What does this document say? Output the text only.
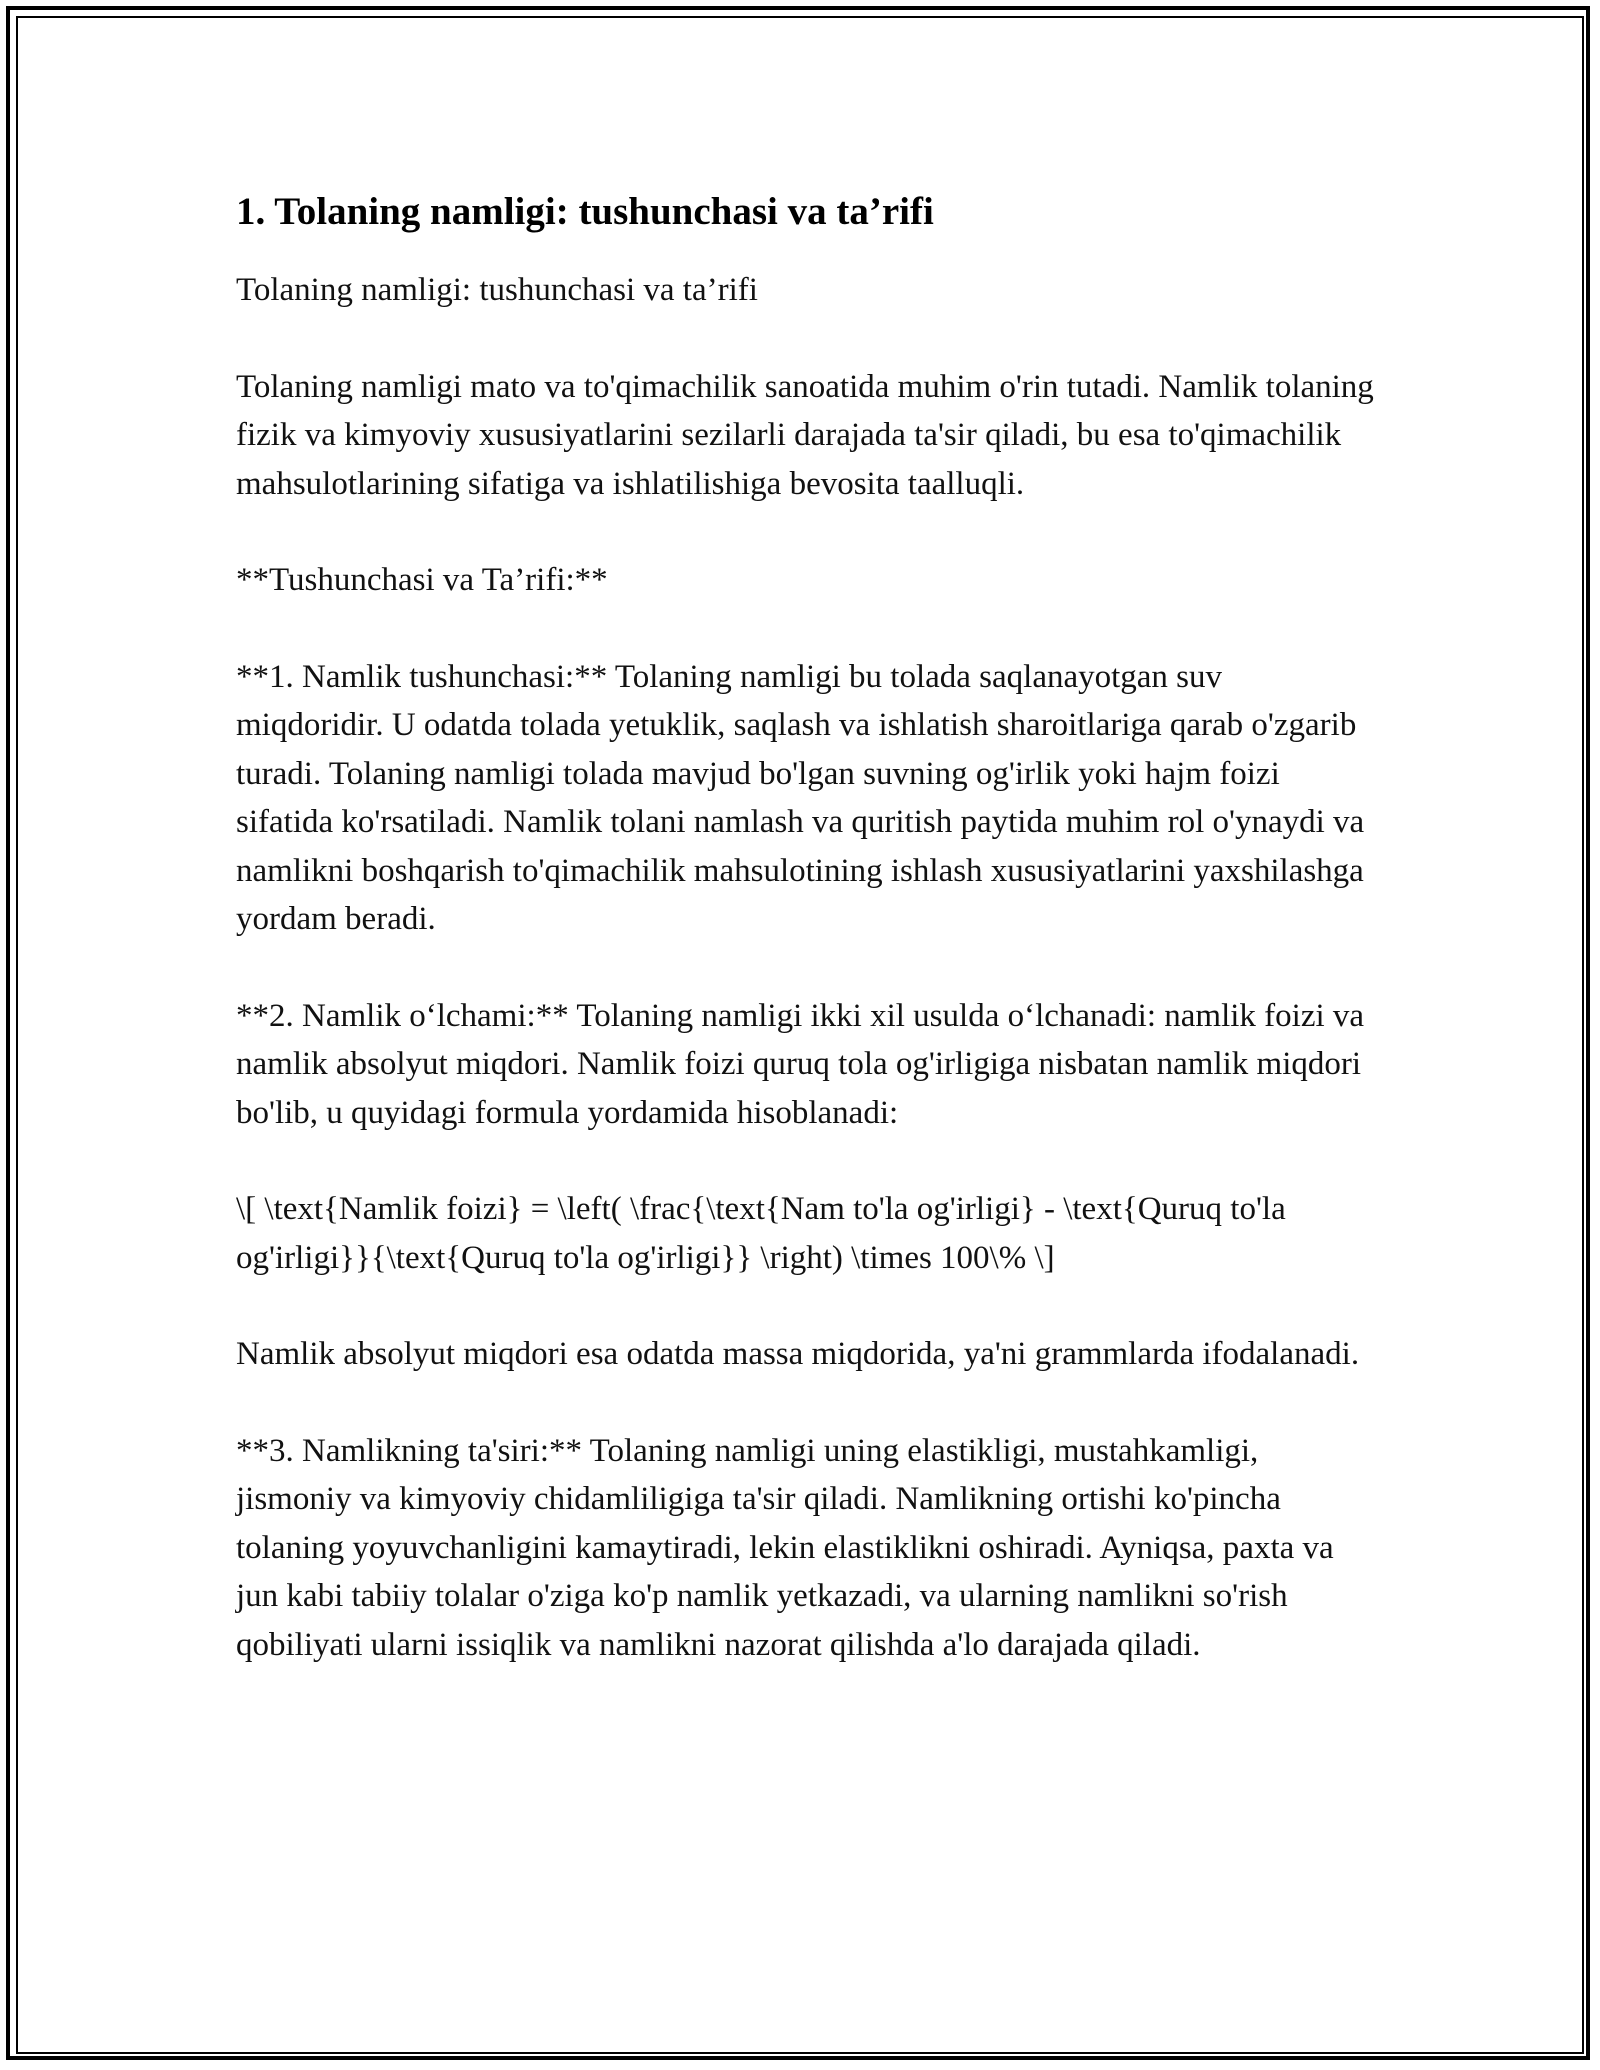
1. Tolaning namligi: tushunchasi va ta’rifi

Tolaning namligi: tushunchasi va ta’rifi

Tolaning namligi mato va to'qimachilik sanoatida muhim o'rin tutadi. Namlik tolaning fizik va kimyoviy xususiyatlarini sezilarli darajada ta'sir qiladi, bu esa to'qimachilik mahsulotlarining sifatiga va ishlatilishiga bevosita taalluqli.

**Tushunchasi va Ta’rifi:**

**1. Namlik tushunchasi:** Tolaning namligi bu tolada saqlanayotgan suv miqdoridir. U odatda tolada yetuklik, saqlash va ishlatish sharoitlariga qarab o'zgarib turadi. Tolaning namligi tolada mavjud bo'lgan suvning og'irlik yoki hajm foizi sifatida ko'rsatiladi. Namlik tolani namlash va quritish paytida muhim rol o'ynaydi va namlikni boshqarish to'qimachilik mahsulotining ishlash xususiyatlarini yaxshilashga yordam beradi.

**2. Namlik o‘lchami:** Tolaning namligi ikki xil usulda o‘lchanadi: namlik foizi va namlik absolyut miqdori. Namlik foizi quruq tola og'irligiga nisbatan namlik miqdori bo'lib, u quyidagi formula yordamida hisoblanadi:

\[ \text{Namlik foizi} = \left( \frac{\text{Nam to'la og'irligi} - \text{Quruq to'la og'irligi}}{\text{Quruq to'la og'irligi}} \right) \times 100\% \]

Namlik absolyut miqdori esa odatda massa miqdorida, ya'ni grammlarda ifodalanadi.

**3. Namlikning ta'siri:** Tolaning namligi uning elastikligi, mustahkamligi, jismoniy va kimyoviy chidamliligiga ta'sir qiladi. Namlikning ortishi ko'pincha tolaning yoyuvchanligini kamaytiradi, lekin elastiklikni oshiradi. Ayniqsa, paxta va jun kabi tabiiy tolalar o'ziga ko'p namlik yetkazadi, va ularning namlikni so'rish qobiliyati ularni issiqlik va namlikni nazorat qilishda a'lo darajada qiladi.
